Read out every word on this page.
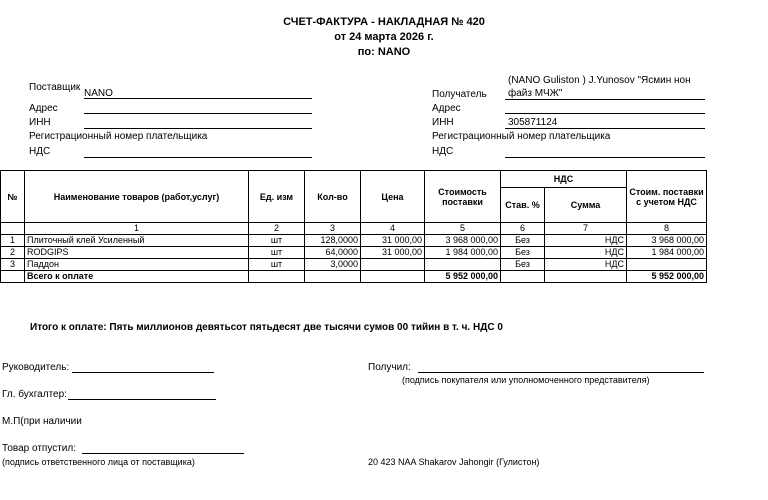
СЧЕТ-ФАКТУРА - НАКЛАДНАЯ № 420
от 24 марта 2026 г.
по: NANO
Поставщик
NANO
Адрес
ИНН
Регистрационный номер плательщика
НДС
(NANO Guliston ) J.Yunosov "Ясмин нон
Получатель файз МЧЖ"
Адрес
ИНН	305871124
Регистрационный номер плательщика
НДС
№	Наименование товаров (работ,услуг)	Ед. изм	Кол-во	Цена	Стоимость поставки	НДС		Стоим. поставки с учетом НДС
						Став. %	Сумма	
	1	2	3	4	5	6	7	8
1	Плиточный клей Усиленный	шт	128,0000	31 000,00	3 968 000,00	Без	НДС	3 968 000,00
2	RODGIPS	шт	64,0000	31 000,00	1 984 000,00	Без	НДС	1 984 000,00
3	Паддон	шт	3,0000			Без	НДС	
	Всего к оплате				5 952 000,00			5 952 000,00
Итого к оплате: Пять миллионов девятьсот пятьдесят две тысячи сумов 00 тийин в т. ч. НДС 0
Руководитель:	Получил:
(подпись покупателя или уполномоченного представителя)
Гл. бухгалтер:
М.П(при наличии
Товар отпустил:
(подпись ответственного лица от поставщика)	20 423 NAA Shakarov Jahongir (Гулистон)
